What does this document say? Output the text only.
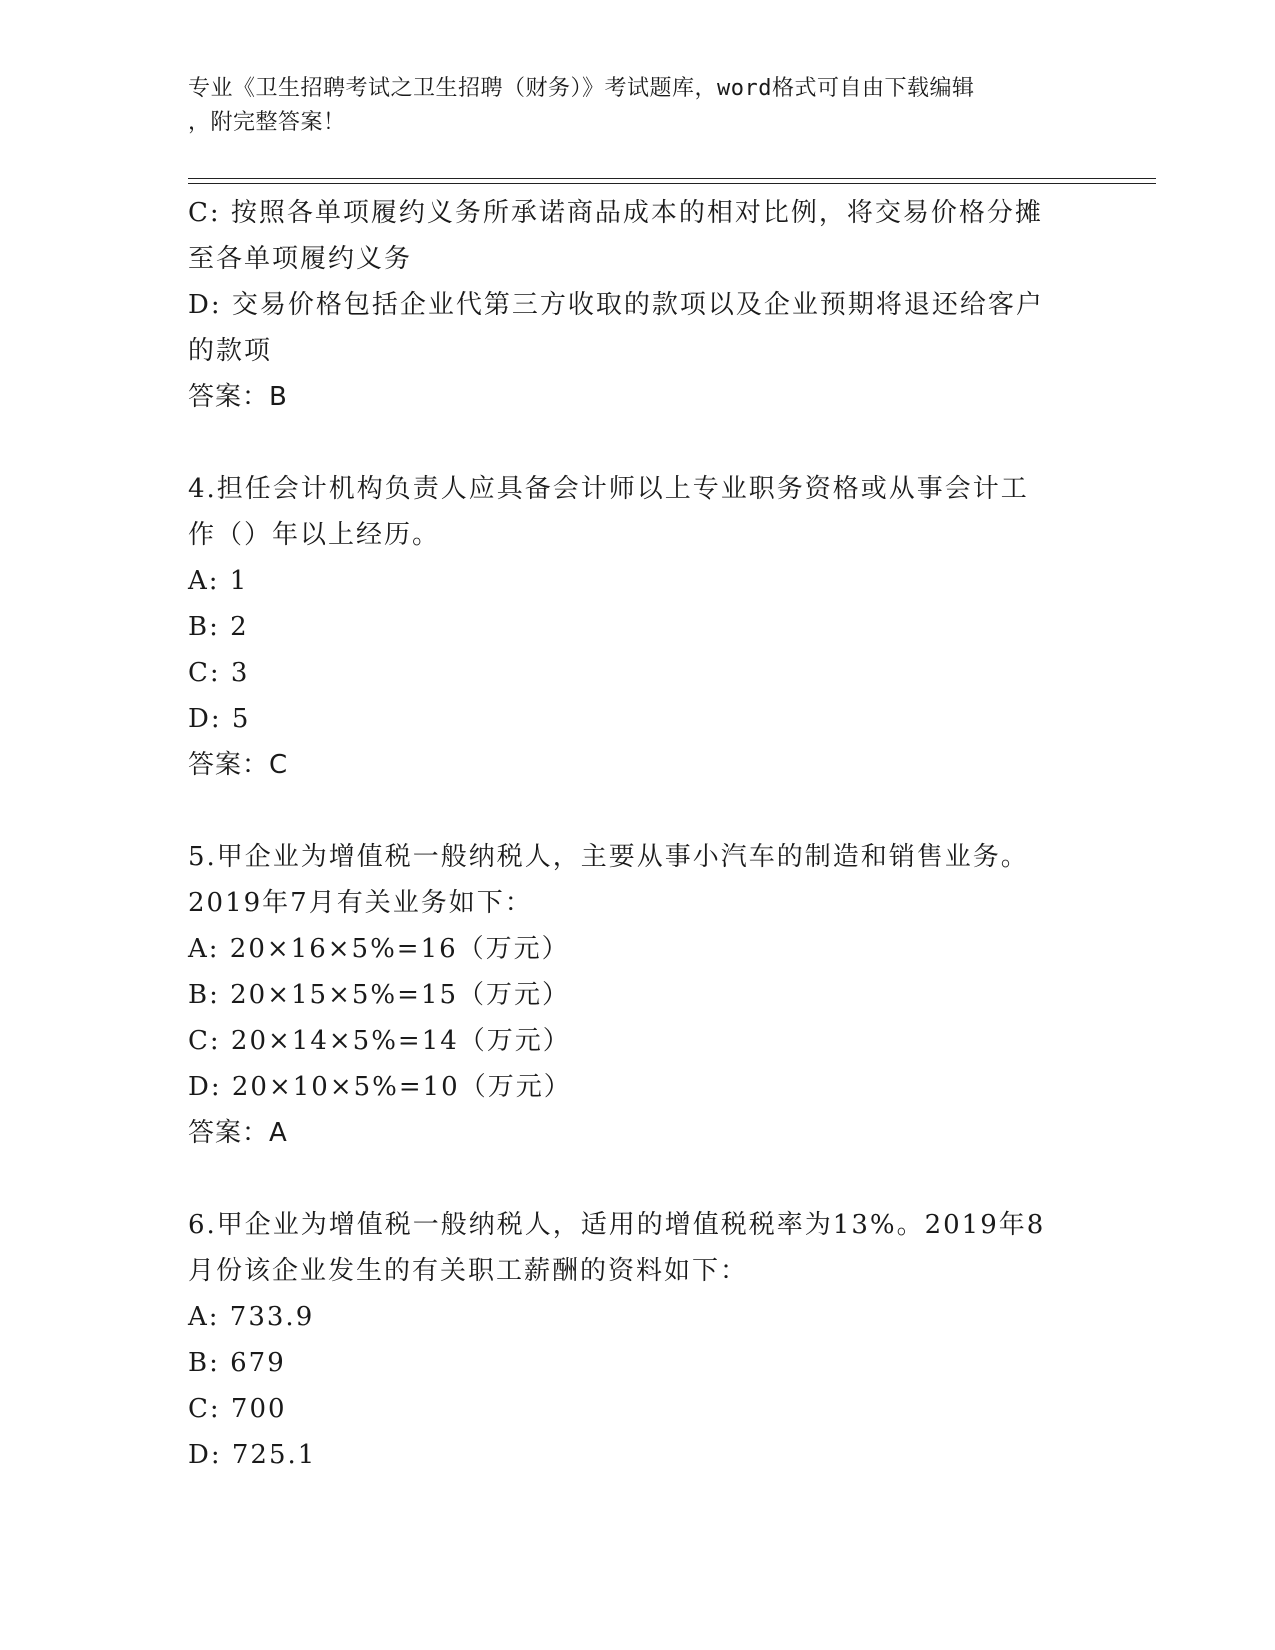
专业《卫生招聘考试之卫生招聘（财务）》考试题库，word格式可自由下载编辑
，附完整答案！
C: 按照各单项履约义务所承诺商品成本的相对比例，将交易价格分摊
至各单项履约义务
D: 交易价格包括企业代第三方收取的款项以及企业预期将退还给客户
的款项
答案：B
4.担任会计机构负责人应具备会计师以上专业职务资格或从事会计工
作（）年以上经历。
A: 1
B: 2
C: 3
D: 5
答案：C
5.甲企业为增值税一般纳税人，主要从事小汽车的制造和销售业务。
2019年7月有关业务如下：
A: 20×16×5%=16（万元）
B: 20×15×5%=15（万元）
C: 20×14×5%=14（万元）
D: 20×10×5%=10（万元）
答案：A
6.甲企业为增值税一般纳税人，适用的增值税税率为13%。2019年8
月份该企业发生的有关职工薪酬的资料如下：
A: 733.9
B: 679
C: 700
D: 725.1
